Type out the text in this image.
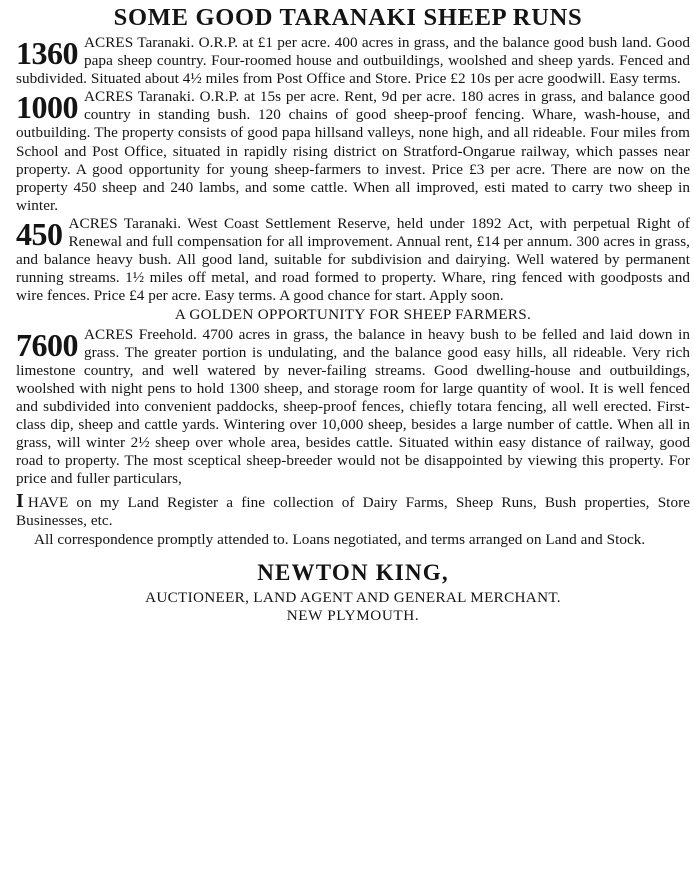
SOME GOOD TARANAKI SHEEP RUNS

1360 ACRES Taranaki. O.R.P. at £1 per acre. 400 acres in grass, and the balance good bush land. Good papa sheep country. Four-roomed house and outbuildings, woolshed and sheep yards. Fenced and subdivided. Situated about 4½ miles from Post Office and Store. Price £2 10s per acre goodwill. Easy terms.

1000 ACRES Taranaki. O.R.P. at 15s per acre. Rent, 9d per acre. 180 acres in grass, and balance good country in standing bush. 120 chains of good sheep-proof fencing. Whare, wash-house, and outbuilding. The property consists of good papa hillsand valleys, none high, and all rideable. Four miles from School and Post Office, situated in rapidly rising district on Stratford-Ongarue railway, which passes near property. A good opportunity for young sheep-farmers to invest. Price £3 per acre. There are now on the property 450 sheep and 240 lambs, and some cattle. When all improved, esti mated to carry two sheep in winter.

450 ACRES Taranaki. West Coast Settlement Reserve, held under 1892 Act, with perpetual Right of Renewal and full compensation for all improvement. Annual rent, £14 per annum. 300 acres in grass, and balance heavy bush. All good land, suitable for subdivision and dairying. Well watered by permanent running streams. 1½ miles off metal, and road formed to property. Whare, ring fenced with goodposts and wire fences. Price £4 per acre. Easy terms. A good chance for start. Apply soon.

A GOLDEN OPPORTUNITY FOR SHEEP FARMERS.

7600 ACRES Freehold. 4700 acres in grass, the balance in heavy bush to be felled and laid down in grass. The greater portion is undulating, and the balance good easy hills, all rideable. Very rich limestone country, and well watered by never-failing streams. Good dwelling-house and outbuildings, woolshed with night pens to hold 1300 sheep, and storage room for large quantity of wool. It is well fenced and subdivided into convenient paddocks, sheep-proof fences, chiefly totara fencing, all well erected. First-class dip, sheep and cattle yards. Wintering over 10,000 sheep, besides a large number of cattle. When all in grass, will winter 2½ sheep over whole area, besides cattle. Situated within easy distance of railway, good road to property. The most sceptical sheep-breeder would not be disappointed by viewing this property. For price and fuller particulars,

I HAVE on my Land Register a fine collection of Dairy Farms, Sheep Runs, Bush properties, Store Businesses, etc.

All correspondence promptly attended to. Loans negotiated, and terms arranged on Land and Stock.

NEWTON KING,
AUCTIONEER, LAND AGENT AND GENERAL MERCHANT.
NEW PLYMOUTH.
